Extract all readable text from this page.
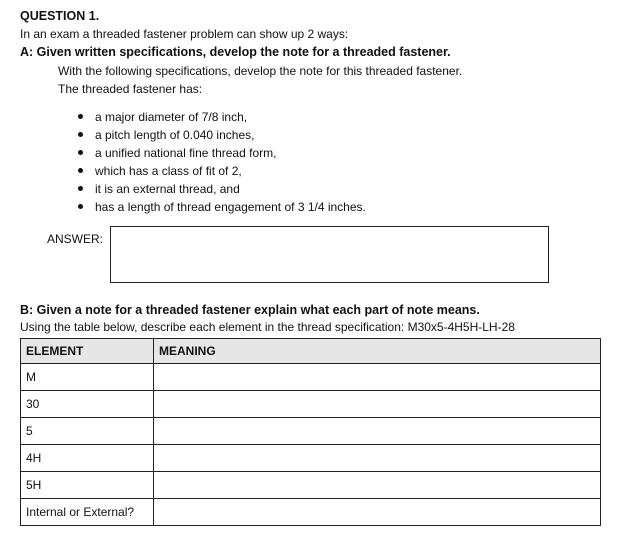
QUESTION 1.
In an exam a threaded fastener problem can show up 2 ways:
A: Given written specifications, develop the note for a threaded fastener.
With the following specifications, develop the note for this threaded fastener.
The threaded fastener has:
a major diameter of 7/8 inch,
a pitch length of 0.040 inches,
a unified national fine thread form,
which has a class of fit of 2,
it is an external thread, and
has a length of thread engagement of 3 1/4 inches.
ANSWER:
B: Given a note for a threaded fastener explain what each part of note means.
Using the table below, describe each element in the thread specification: M30x5-4H5H-LH-28
ELEMENT	MEANING
M	
30	
5	
4H	
5H	
Internal or External?	
